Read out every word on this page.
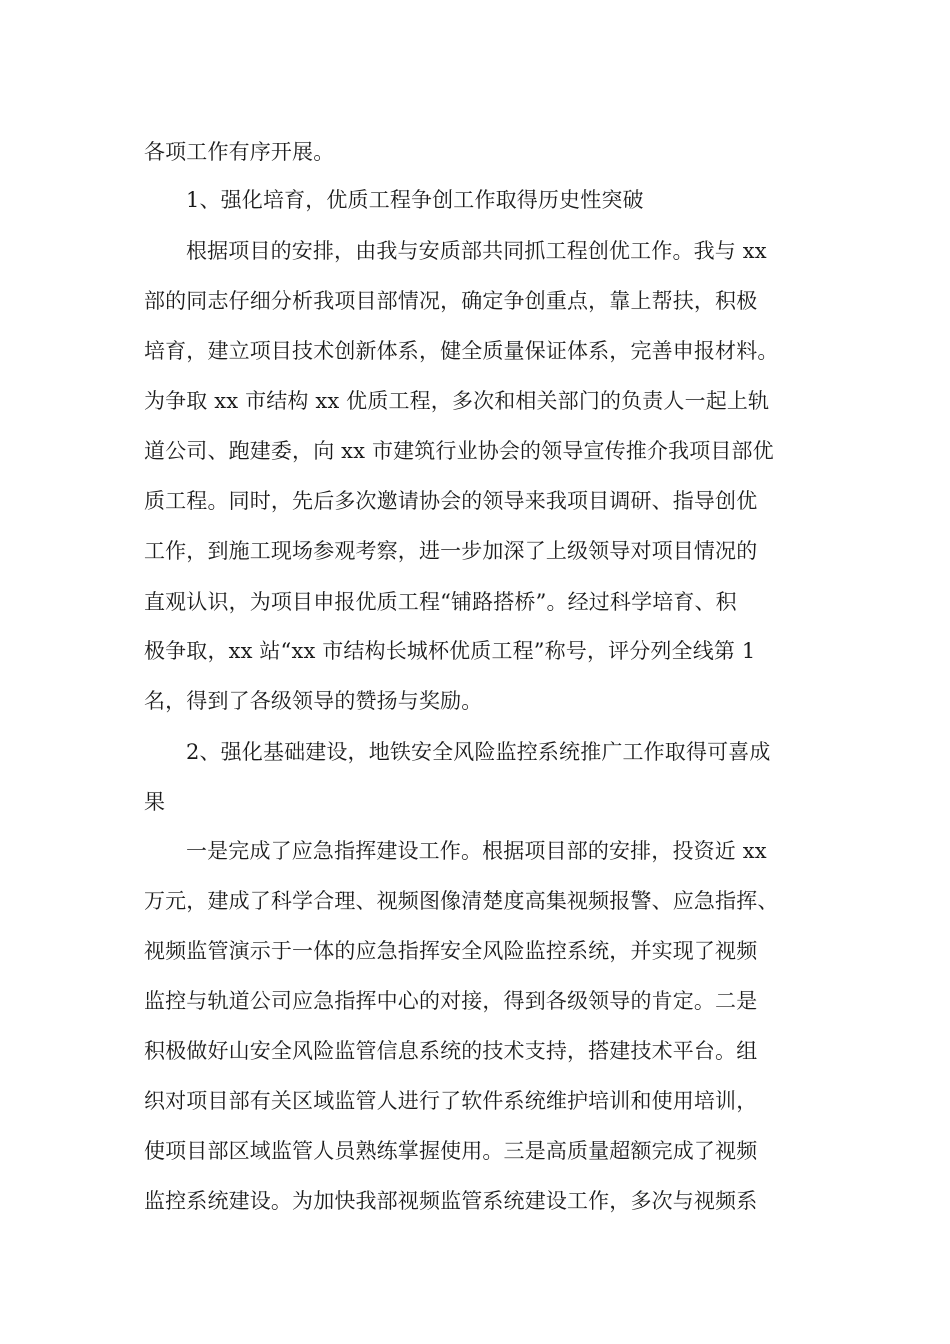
各项工作有序开展。

1、强化培育，优质工程争创工作取得历史性突破

根据项目的安排，由我与安质部共同抓工程创优工作。我与 xx

部的同志仔细分析我项目部情况，确定争创重点，靠上帮扶，积极

培育，建立项目技术创新体系，健全质量保证体系，完善申报材料。

为争取 xx 市结构 xx 优质工程，多次和相关部门的负责人一起上轨

道公司、跑建委，向 xx 市建筑行业协会的领导宣传推介我项目部优

质工程。同时，先后多次邀请协会的领导来我项目调研、指导创优

工作，到施工现场参观考察，进一步加深了上级领导对项目情况的

直观认识，为项目申报优质工程“铺路搭桥”。经过科学培育、积

极争取，xx 站“xx 市结构长城杯优质工程”称号，评分列全线第 1

名，得到了各级领导的赞扬与奖励。

2、强化基础建设，地铁安全风险监控系统推广工作取得可喜成

果

一是完成了应急指挥建设工作。根据项目部的安排，投资近 xx

万元，建成了科学合理、视频图像清楚度高集视频报警、应急指挥、

视频监管演示于一体的应急指挥安全风险监控系统，并实现了视频

监控与轨道公司应急指挥中心的对接，得到各级领导的肯定。二是

积极做好山安全风险监管信息系统的技术支持，搭建技术平台。组

织对项目部有关区域监管人进行了软件系统维护培训和使用培训，

使项目部区域监管人员熟练掌握使用。三是高质量超额完成了视频

监控系统建设。为加快我部视频监管系统建设工作，多次与视频系
